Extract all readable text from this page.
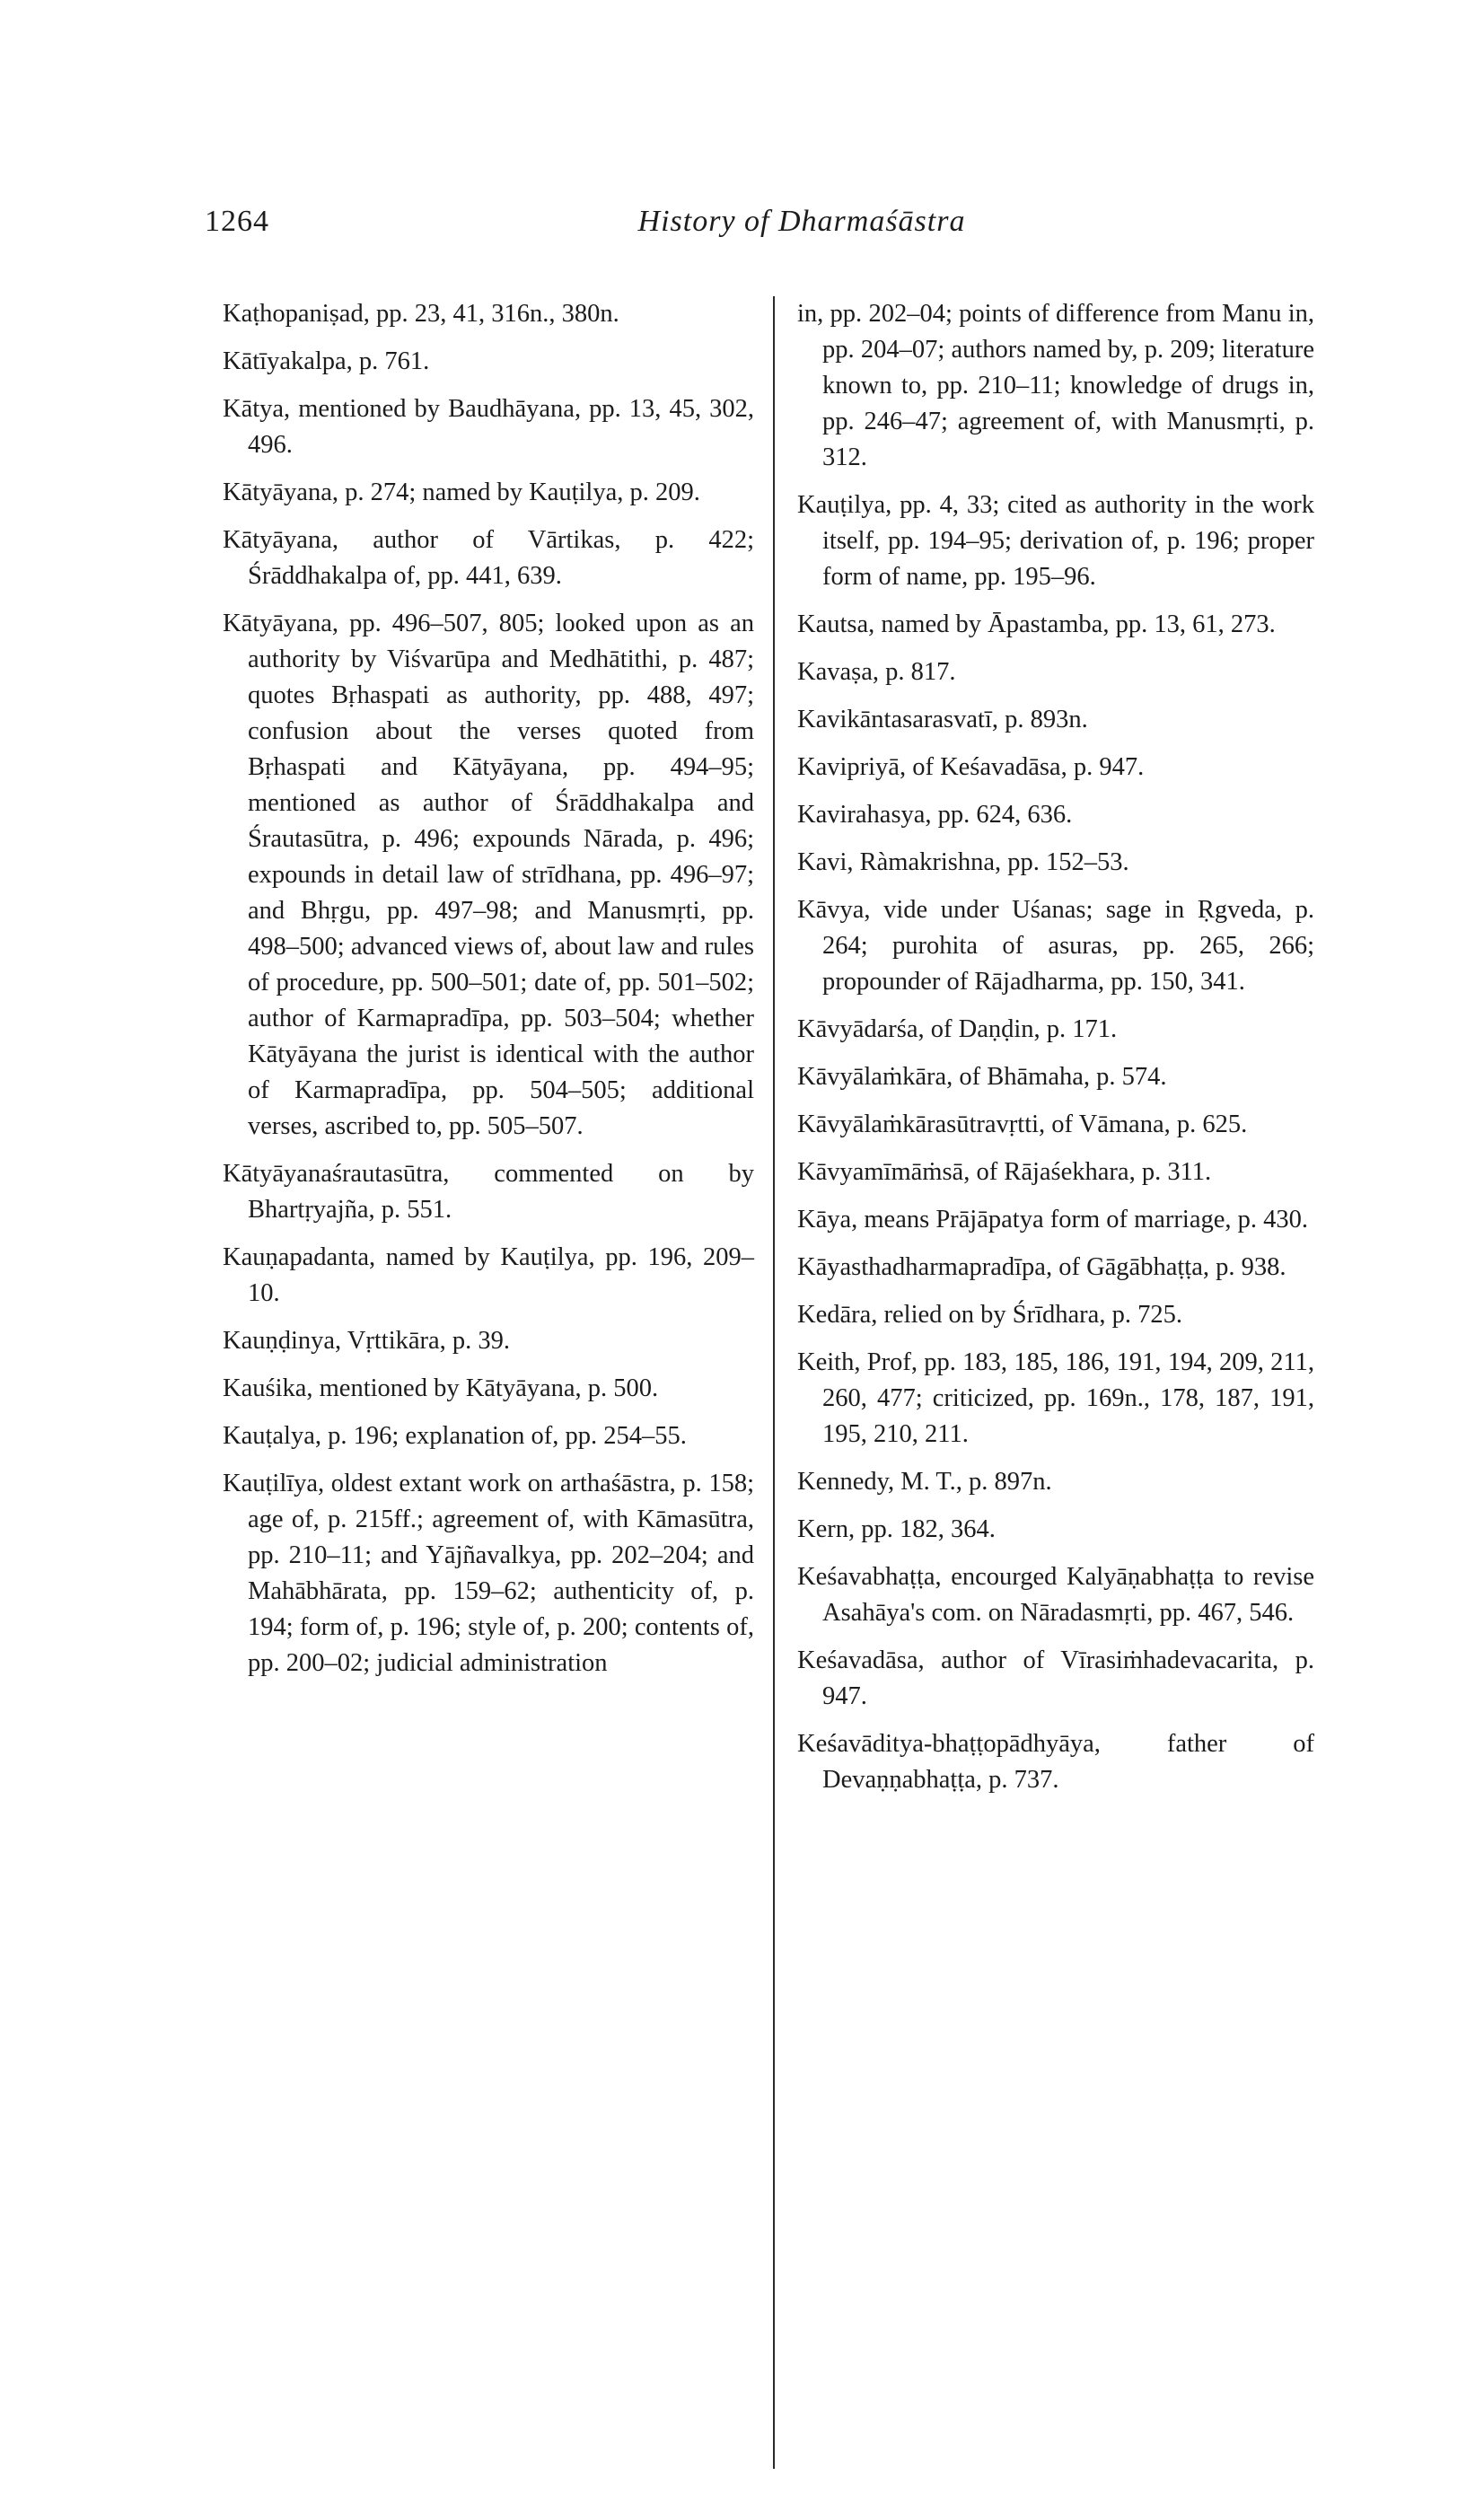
1264	History of Dharmaśāstra

Kaṭhopaniṣad, pp. 23, 41, 316n., 380n.

Kātīyakalpa, p. 761.

Kātya, mentioned by Baudhāyana, pp. 13, 45, 302, 496.

Kātyāyana, p. 274; named by Kauṭilya, p. 209.

Kātyāyana, author of Vārtikas, p. 422; Śrāddhakalpa of, pp. 441, 639.

Kātyāyana, pp. 496–507, 805; looked upon as an authority by Viśvarūpa and Medhātithi, p. 487; quotes Bṛhaspati as authority, pp. 488, 497; confusion about the verses quoted from Bṛhaspati and Kātyāyana, pp. 494–95; mentioned as author of Śrāddhakalpa and Śrautasūtra, p. 496; expounds Nārada, p. 496; expounds in detail law of strīdhana, pp. 496–97; and Bhṛgu, pp. 497–98; and Manusmṛti, pp. 498–500; advanced views of, about law and rules of procedure, pp. 500–501; date of, pp. 501–502; author of Karmapradīpa, pp. 503–504; whether Kātyāyana the jurist is identical with the author of Karmapradīpa, pp. 504–505; additional verses, ascribed to, pp. 505–507.

Kātyāyanaśrautasūtra, commented on by Bhartṛyajña, p. 551.

Kauṇapadanta, named by Kauṭilya, pp. 196, 209–10.

Kauṇḍinya, Vṛttikāra, p. 39.

Kauśika, mentioned by Kātyāyana, p. 500.

Kauṭalya, p. 196; explanation of, pp. 254–55.

Kauṭilīya, oldest extant work on arthaśāstra, p. 158; age of, p. 215ff.; agreement of, with Kāmasūtra, pp. 210–11; and Yājñavalkya, pp. 202–204; and Mahābhārata, pp. 159–62; authenticity of, p. 194; form of, p. 196; style of, p. 200; contents of, pp. 200–02; judicial administration

in, pp. 202–04; points of difference from Manu in, pp. 204–07; authors named by, p. 209; literature known to, pp. 210–11; knowledge of drugs in, pp. 246–47; agreement of, with Manusmṛti, p. 312.

Kauṭilya, pp. 4, 33; cited as authority in the work itself, pp. 194–95; derivation of, p. 196; proper form of name, pp. 195–96.

Kautsa, named by Āpastamba, pp. 13, 61, 273.

Kavaṣa, p. 817.

Kavikāntasarasvatī, p. 893n.

Kavipriyā, of Keśavadāsa, p. 947.

Kavirahasya, pp. 624, 636.

Kavi, Ràmakrishna, pp. 152–53.

Kāvya, vide under Uśanas; sage in Ṛgveda, p. 264; purohita of asuras, pp. 265, 266; propounder of Rājadharma, pp. 150, 341.

Kāvyādarśa, of Daṇḍin, p. 171.

Kāvyālaṁkāra, of Bhāmaha, p. 574.

Kāvyālaṁkārasūtravṛtti, of Vāmana, p. 625.

Kāvyamīmāṁsā, of Rājaśekhara, p. 311.

Kāya, means Prājāpatya form of marriage, p. 430.

Kāyasthadharmapradīpa, of Gāgābhaṭṭa, p. 938.

Kedāra, relied on by Śrīdhara, p. 725.

Keith, Prof, pp. 183, 185, 186, 191, 194, 209, 211, 260, 477; criticized, pp. 169n., 178, 187, 191, 195, 210, 211.

Kennedy, M. T., p. 897n.

Kern, pp. 182, 364.

Keśavabhaṭṭa, encourged Kalyāṇabhaṭṭa to revise Asahāya's com. on Nāradasmṛti, pp. 467, 546.

Keśavadāsa, author of Vīrasiṁhadevacarita, p. 947.

Keśavāditya-bhaṭṭopādhyāya, father of Devaṇṇabhaṭṭa, p. 737.
